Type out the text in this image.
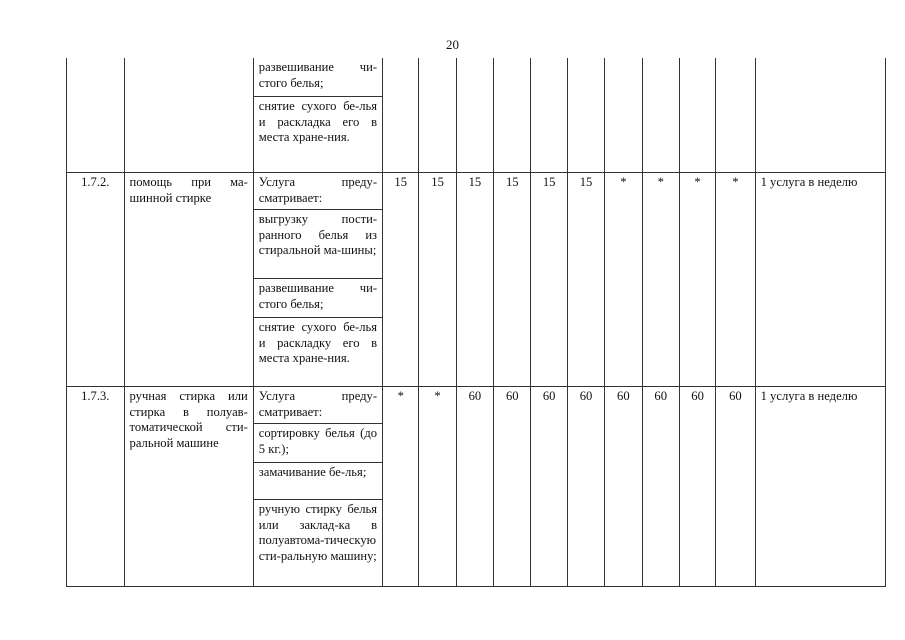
20
		развешивание чи-стого белья;											
		снятие сухого бе-лья и раскладка его в места хране-ния.											
1.7.2.	помощь при ма-шинной стирке	Услуга преду-сматривает:	15	15	15	15	15	15	*	*	*	*	1 услуга в неделю
		выгрузку пости-ранного белья из стиральной ма-шины;											
		развешивание чи-стого белья;											
		снятие сухого бе-лья и раскладку его в места хране-ния.											
1.7.3.	ручная стирка или стирка в полуав-томатической сти-ральной машине	Услуга преду-сматривает:	*	*	60	60	60	60	60	60	60	60	1 услуга в неделю
		сортировку белья (до 5 кг.);											
		замачивание бе-лья;											
		ручную стирку белья или заклад-ка в полуавтома-тическую сти-ральную машину;											
